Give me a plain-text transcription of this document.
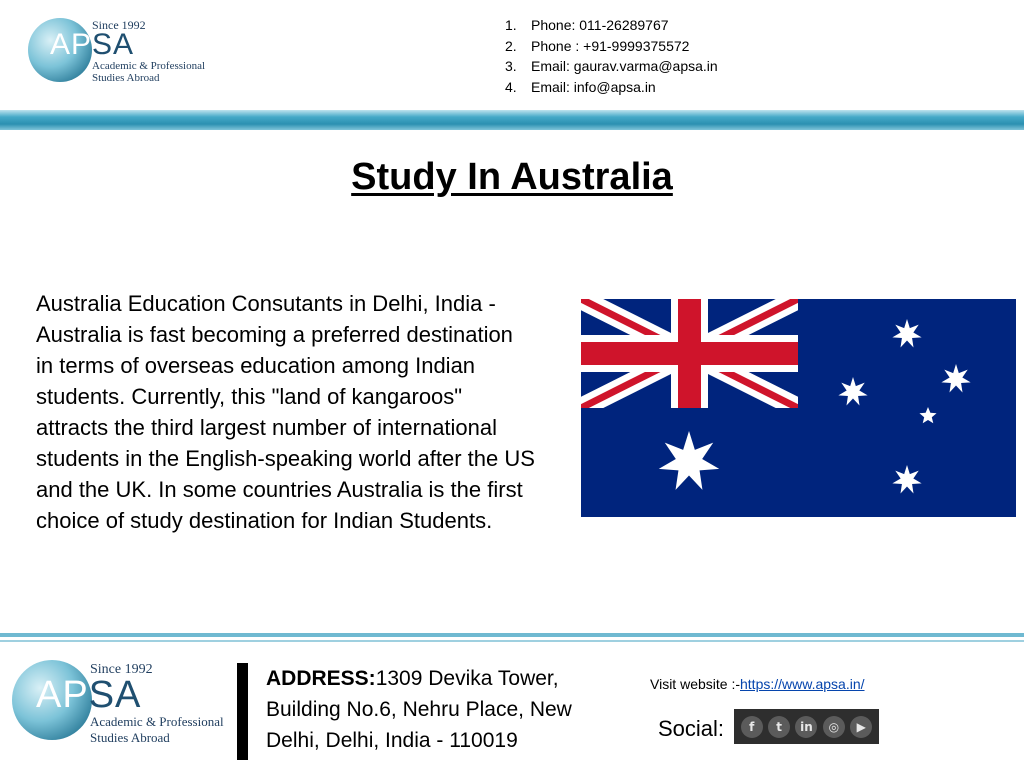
APSA
Since 1992
Academic & Professional
Studies Abroad
1.	Phone: 011-26289767
2.	Phone : +91-9999375572
3.	Email: gaurav.varma@apsa.in
4.	Email: info@apsa.in
Study In Australia

Australia Education Consutants in Delhi, India - Australia is fast becoming a preferred destination in terms of overseas education among Indian students. Currently, this "land of kangaroos" attracts the third largest number of international students in the English-speaking world after the US and the UK. In some countries Australia is the first choice of study destination for Indian Students.

APSA
Since 1992
Academic & Professional
Studies Abroad
ADDRESS:1309 Devika Tower, Building No.6, Nehru Place, New Delhi, Delhi, India - 110019
Visit website :-https://www.apsa.in/
Social:	f	t	in	◎	▶
